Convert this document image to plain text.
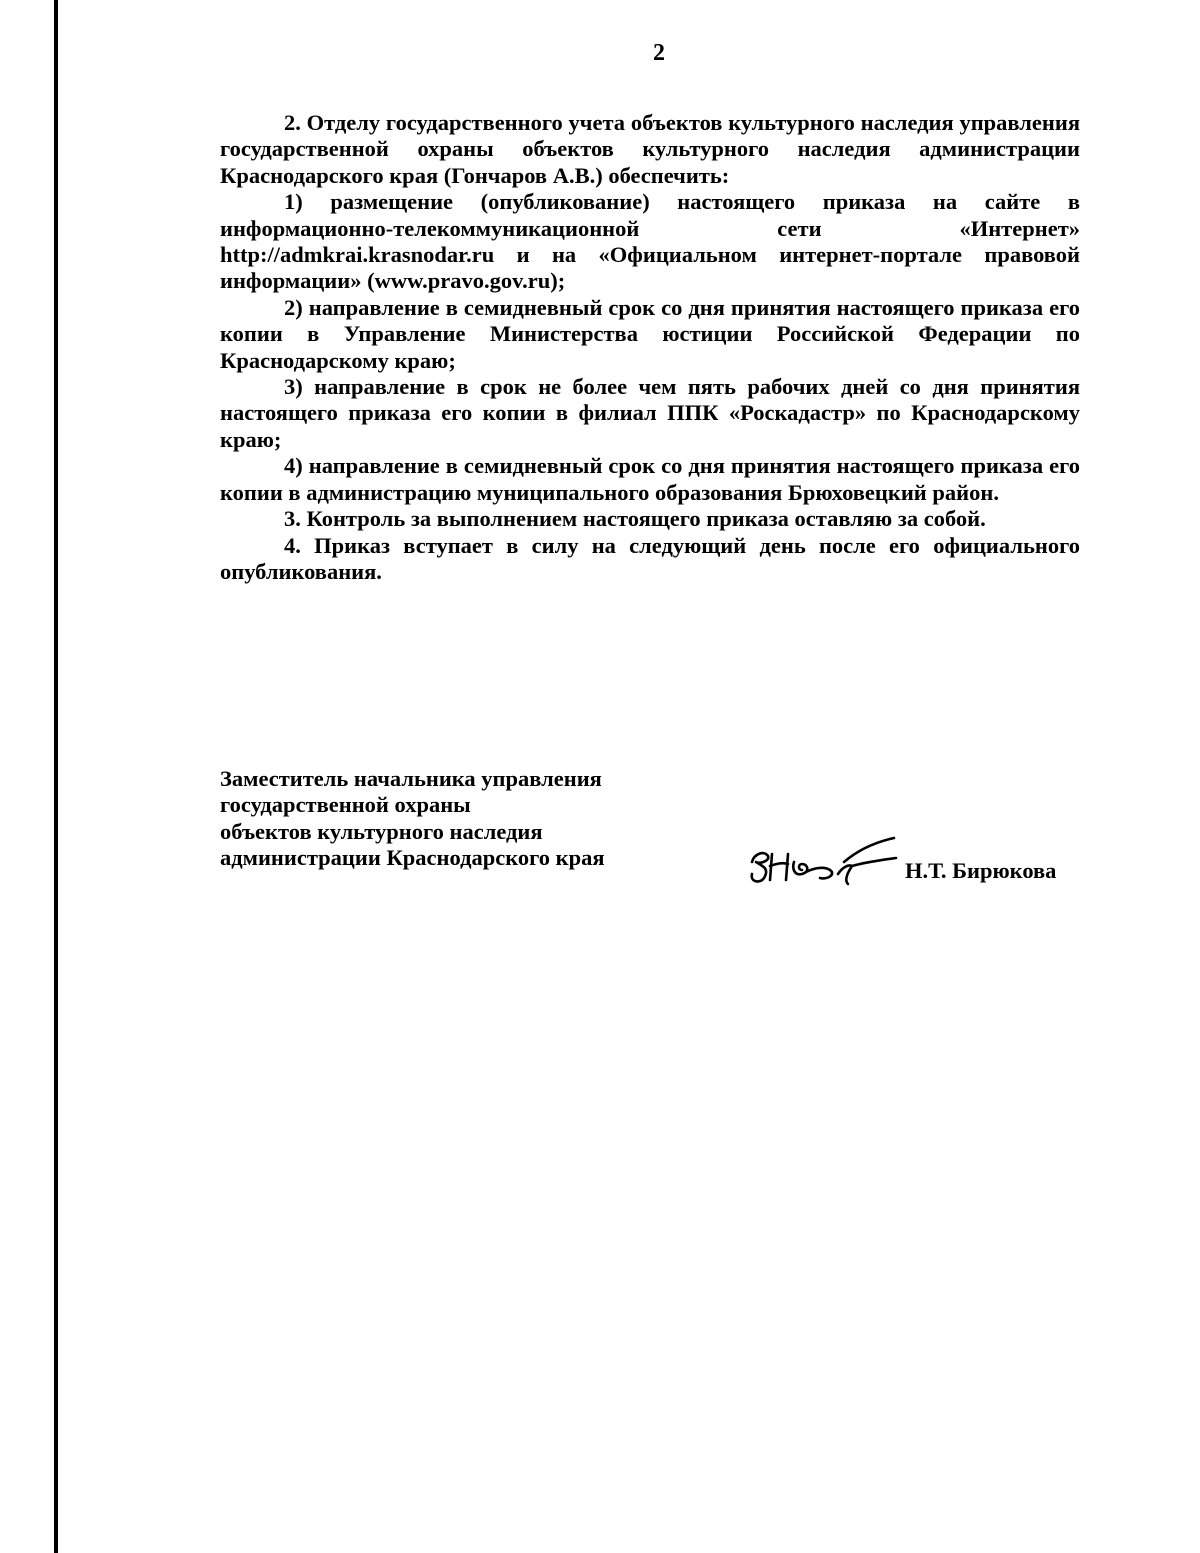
2

2. Отделу государственного учета объектов культурного наследия управления государственной охраны объектов культурного наследия администрации Краснодарского края (Гончаров А.В.) обеспечить:

1) размещение (опубликование) настоящего приказа на сайте в информационно-телекоммуникационной сети «Интернет» http://admkrai.krasnodar.ru и на «Официальном интернет-портале правовой информации» (www.pravo.gov.ru);

2) направление в семидневный срок со дня принятия настоящего приказа его копии в Управление Министерства юстиции Российской Федерации по Краснодарскому краю;

3) направление в срок не более чем пять рабочих дней со дня принятия настоящего приказа его копии в филиал ППК «Роскадастр» по Краснодарскому краю;

4) направление в семидневный срок со дня принятия настоящего приказа его копии в администрацию муниципального образования Брюховецкий район.

3. Контроль за выполнением настоящего приказа оставляю за собой.

4. Приказ вступает в силу на следующий день после его официального опубликования.

Заместитель начальника управления
государственной охраны
объектов культурного наследия
администрации Краснодарского края
Н.Т. Бирюкова
